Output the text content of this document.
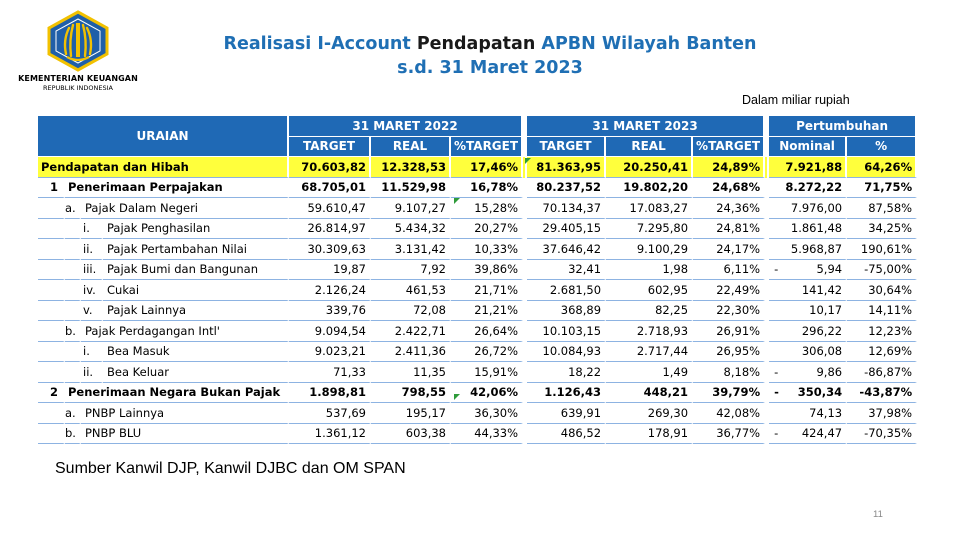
KEMENTERIAN KEUANGAN
REPUBLIK INDONESIA
Realisasi I-Account Pendapatan APBN Wilayah Banten
s.d. 31 Maret 2023
Dalam miliar rupiah
URAIAN				31 MARET 2022				31 MARET 2023				Pertumbuhan	
				TARGET	REAL	%TARGET		TARGET	REAL	%TARGET		Nominal	%
Pendapatan dan Hibah				70.603,82	12.328,53	17,46%		81.363,95	20.250,41	24,89%		7.921,88	64,26%
1	Penerimaan Perpajakan			68.705,01	11.529,98	16,78%		80.237,52	19.802,20	24,68%		8.272,22	71,75%
	a.	Pajak Dalam Negeri		59.610,47	9.107,27	15,28%		70.134,37	17.083,27	24,36%		7.976,00	87,58%
		i.	Pajak Penghasilan	26.814,97	5.434,32	20,27%		29.405,15	7.295,80	24,81%		1.861,48	34,25%
		ii.	Pajak Pertambahan Nilai	30.309,63	3.131,42	10,33%		37.646,42	9.100,29	24,17%		5.968,87	190,61%
		iii.	Pajak Bumi dan Bangunan	19,87	7,92	39,86%		32,41	1,98	6,11%		- 5,94	-75,00%
		iv.	Cukai	2.126,24	461,53	21,71%		2.681,50	602,95	22,49%		141,42	30,64%
		v.	Pajak Lainnya	339,76	72,08	21,21%		368,89	82,25	22,30%		10,17	14,11%
	b.	Pajak Perdagangan Intl'		9.094,54	2.422,71	26,64%		10.103,15	2.718,93	26,91%		296,22	12,23%
		i.	Bea Masuk	9.023,21	2.411,36	26,72%		10.084,93	2.717,44	26,95%		306,08	12,69%
		ii.	Bea Keluar	71,33	11,35	15,91%		18,22	1,49	8,18%		- 9,86	-86,87%
2	Penerimaan Negara Bukan Pajak			1.898,81	798,55	42,06%		1.126,43	448,21	39,79%		- 350,34	-43,87%
	a.	PNBP Lainnya		537,69	195,17	36,30%		639,91	269,30	42,08%		74,13	37,98%
	b.	PNBP BLU		1.361,12	603,38	44,33%		486,52	178,91	36,77%		- 424,47	-70,35%
Sumber Kanwil DJP, Kanwil DJBC dan OM SPAN
11
